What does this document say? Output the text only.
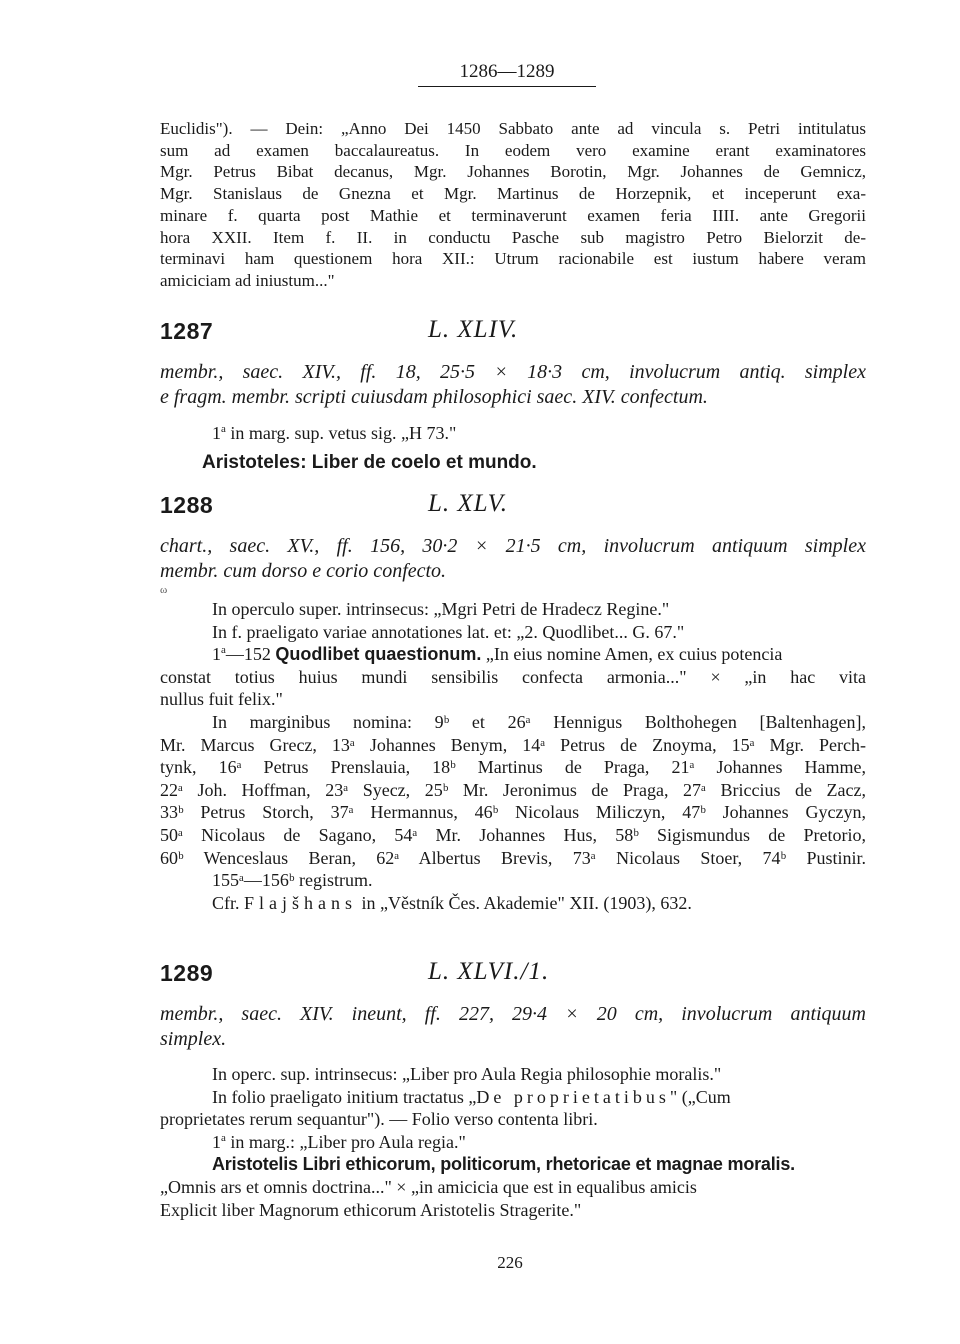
1286—1289
Euclidis"). — Dein: „Anno Dei 1450 Sabbato ante ad vincula s. Petri intitulatus
sum ad examen baccalaureatus. In eodem vero examine erant examinatores
Mgr. Petrus Bibat decanus, Mgr. Johannes Borotin, Mgr. Johannes de Gemnicz,
Mgr. Stanislaus de Gnezna et Mgr. Martinus de Horzepnik, et inceperunt exa-
minare f. quarta post Mathie et terminaverunt examen feria IIII. ante Gregorii
hora XXII. Item f. II. in conductu Pasche sub magistro Petro Bielorzit de-
terminavi ham questionem hora XII.: Utrum racionabile est iustum habere veram
amiciciam ad iniustum..."
1287	L. XLIV.
membr., saec. XIV., ff. 18, 25·5 × 18·3 cm, involucrum antiq. simplex
e fragm. membr. scripti cuiusdam philosophici saec. XIV. confectum.
1$^a$ in marg. sup. vetus sig. „H 73."
Aristoteles: Liber de coelo et mundo.
1288	L. XLV.
chart., saec. XV., ff. 156, 30·2 × 21·5 cm, involucrum antiquum simplex
membr. cum dorso e corio confecto.
ω
In operculo super. intrinsecus: „Mgri Petri de Hradecz Regine."
In f. praeligato variae annotationes lat. et: „2. Quodlibet... G. 67."
1$^a$—152 Quodlibet quaestionum. „In eius nomine Amen, ex cuius potencia
constat totius huius mundi sensibilis confecta armonia..." × „in hac vita
nullus fuit felix."
In marginibus nomina: 9ᵇ et 26ᵃ Hennigus Bolthohegen [Baltenhagen],
Mr. Marcus Grecz, 13ᵃ Johannes Benym, 14ᵃ Petrus de Znoyma, 15ᵃ Mgr. Perch-
tynk, 16ᵃ Petrus Prenslauia, 18ᵇ Martinus de Praga, 21ᵃ Johannes Hamme,
22ᵃ Joh. Hoffman, 23ᵃ Syecz, 25ᵇ Mr. Jeronimus de Praga, 27ᵃ Briccius de Zacz,
33ᵇ Petrus Storch, 37ᵃ Hermannus, 46ᵇ Nicolaus Miliczyn, 47ᵇ Johannes Gyczyn,
50ᵃ Nicolaus de Sagano, 54ᵃ Mr. Johannes Hus, 58ᵇ Sigismundus de Pretorio,
60ᵇ Wenceslaus Beran, 62ᵃ Albertus Brevis, 73ᵃ Nicolaus Stoer, 74ᵇ Pustinir.
155ᵃ—156ᵇ registrum.
Cfr. Flajšhans in „Věstník Čes. Akademie" XII. (1903), 632.
1289	L. XLVI./1.
membr., saec. XIV. ineunt, ff. 227, 29·4 × 20 cm, involucrum antiquum
simplex.
In operc. sup. intrinsecus: „Liber pro Aula Regia philosophie moralis."
In folio praeligato initium tractatus „De proprietatibus" („Cum
proprietates rerum sequantur"). — Folio verso contenta libri.
1$^a$ in marg.: „Liber pro Aula regia."
Aristotelis Libri ethicorum, politicorum, rhetoricae et magnae moralis.
„Omnis ars et omnis doctrina..." × „in amicicia que est in equalibus amicis
Explicit liber Magnorum ethicorum Aristotelis Stragerite."
226
